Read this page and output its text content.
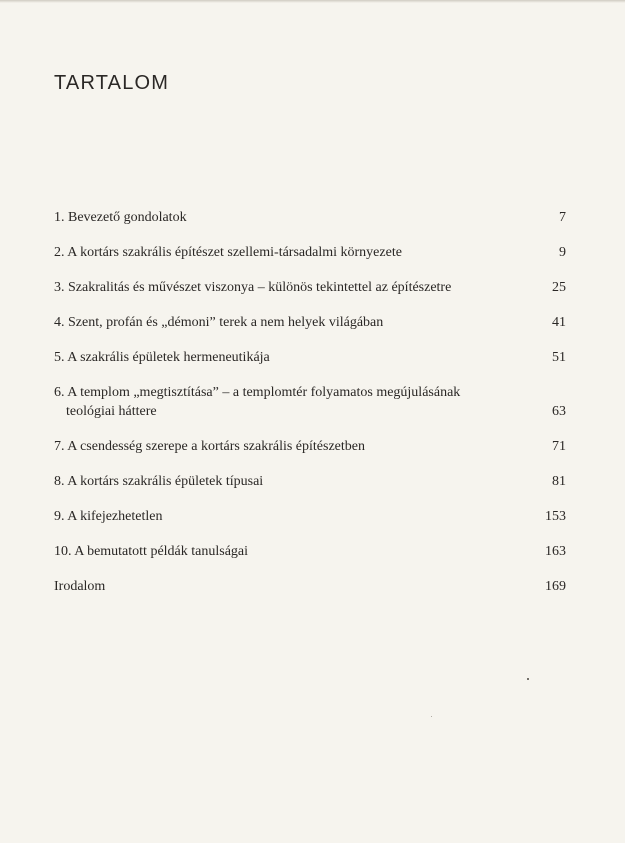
TARTALOM
1. Bevezető gondolatok	7
2. A kortárs szakrális építészet szellemi-társadalmi környezete	9
3. Szakralitás és művészet viszonya – különös tekintettel az építészetre	25
4. Szent, profán és „démoni” terek a nem helyek világában	41
5. A szakrális épületek hermeneutikája	51
6. A templom „megtisztítása” – a templomtér folyamatos megújulásának
teológiai háttere	63
7. A csendesség szerepe a kortárs szakrális építészetben	71
8. A kortárs szakrális épületek típusai	81
9. A kifejezhetetlen	153
10. A bemutatott példák tanulságai	163
Irodalom	169
